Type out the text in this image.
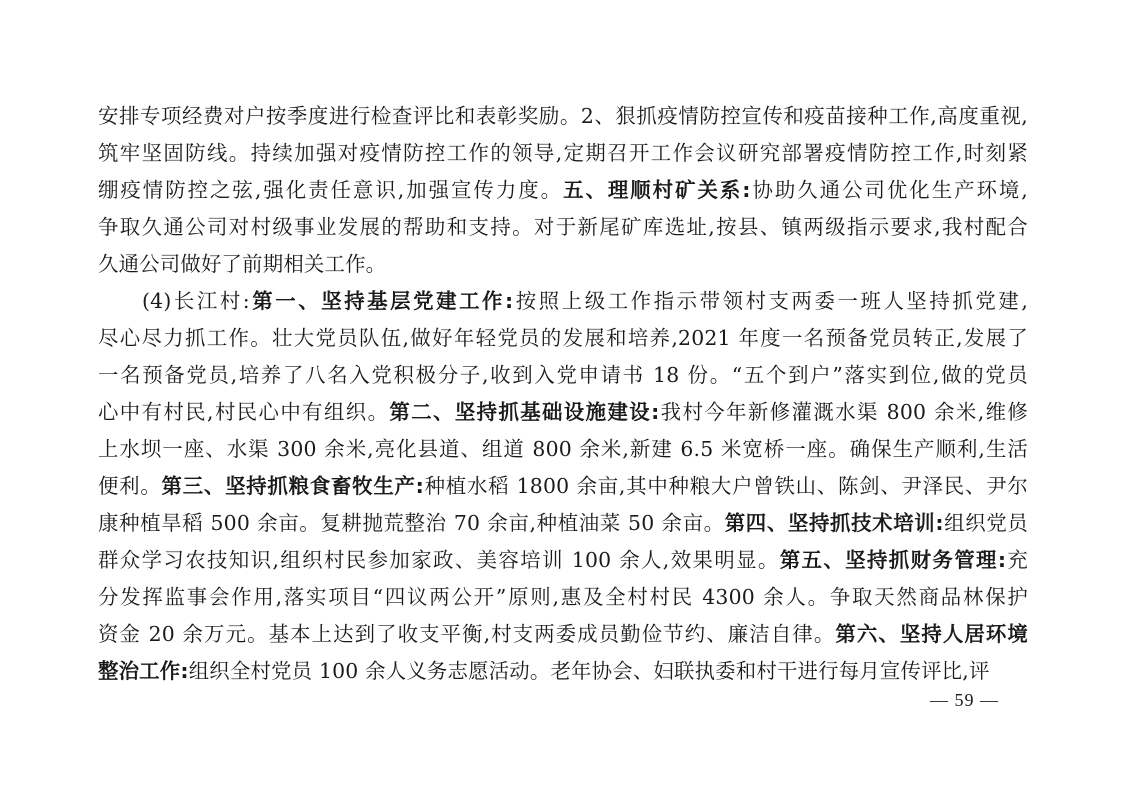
安排专项经费对户按季度进行检查评比和表彰奖励。2、狠抓疫情防控宣传和疫苗接种工作,高度重视,
筑牢坚固防线。持续加强对疫情防控工作的领导,定期召开工作会议研究部署疫情防控工作,时刻紧
绷疫情防控之弦,强化责任意识,加强宣传力度。五、理顺村矿关系:协助久通公司优化生产环境,
争取久通公司对村级事业发展的帮助和支持。对于新尾矿库选址,按县、镇两级指示要求,我村配合
久通公司做好了前期相关工作。
(4)长江村:第一、坚持基层党建工作:按照上级工作指示带领村支两委一班人坚持抓党建,
尽心尽力抓工作。壮大党员队伍,做好年轻党员的发展和培养,2021 年度一名预备党员转正,发展了
一名预备党员,培养了八名入党积极分子,收到入党申请书 18 份。“五个到户”落实到位,做的党员
心中有村民,村民心中有组织。第二、坚持抓基础设施建设:我村今年新修灌溉水渠 800 余米,维修
上水坝一座、水渠 300 余米,亮化县道、组道 800 余米,新建 6.5 米宽桥一座。确保生产顺利,生活
便利。第三、坚持抓粮食畜牧生产:种植水稻 1800 余亩,其中种粮大户曾铁山、陈剑、尹泽民、尹尔
康种植旱稻 500 余亩。复耕抛荒整治 70 余亩,种植油菜 50 余亩。第四、坚持抓技术培训:组织党员
群众学习农技知识,组织村民参加家政、美容培训 100 余人,效果明显。第五、坚持抓财务管理:充
分发挥监事会作用,落实项目“四议两公开”原则,惠及全村村民 4300 余人。争取天然商品林保护
资金 20 余万元。基本上达到了收支平衡,村支两委成员勤俭节约、廉洁自律。第六、坚持人居环境
整治工作:组织全村党员 100 余人义务志愿活动。老年协会、妇联执委和村干进行每月宣传评比,评
— 59 —
